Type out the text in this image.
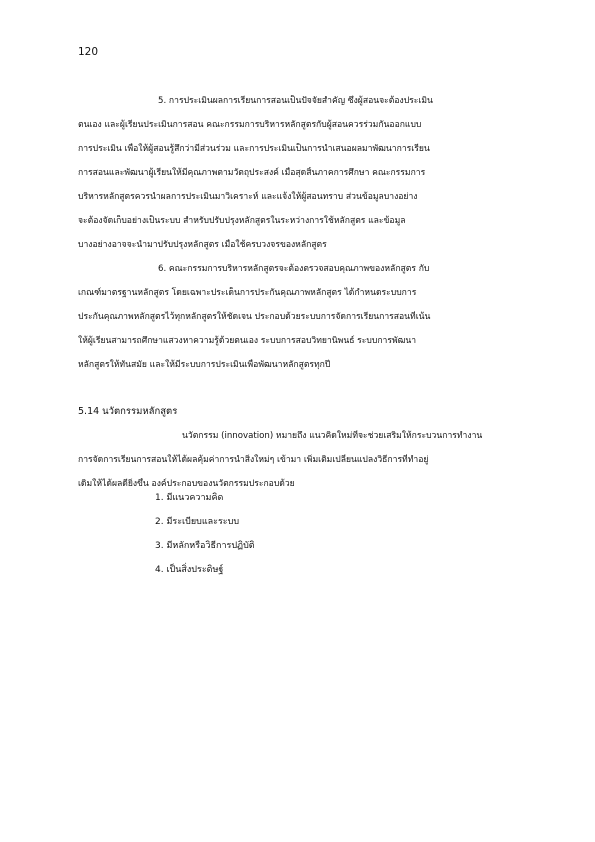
120
5. การประเมินผลการเรียนการสอนเป็นปัจจัยสำคัญ ซึ่งผู้สอนจะต้องประเมิน
ตนเอง และผู้เรียนประเมินการสอน คณะกรรมการบริหารหลักสูตรกับผู้สอนควรร่วมกันออกแบบ
การประเมิน เพื่อให้ผู้สอนรู้สึกว่ามีส่วนร่วม และการประเมินเป็นการนำเสนอผลมาพัฒนาการเรียน
การสอนและพัฒนาผู้เรียนให้มีคุณภาพตามวัตถุประสงค์ เมื่อสุดสิ้นภาคการศึกษา คณะกรรมการ
บริหารหลักสูตรควรนำผลการประเมินมาวิเคราะห์ และแจ้งให้ผู้สอนทราบ ส่วนข้อมูลบางอย่าง
จะต้องจัดเก็บอย่างเป็นระบบ สำหรับปรับปรุงหลักสูตรในระหว่างการใช้หลักสูตร และข้อมูล
บางอย่างอาจจะนำมาปรับปรุงหลักสูตร เมื่อใช้ครบวงจรของหลักสูตร
6. คณะกรรมการบริหารหลักสูตรจะต้องตรวจสอบคุณภาพของหลักสูตร กับ
เกณฑ์มาตรฐานหลักสูตร โดยเฉพาะประเด็นการประกันคุณภาพหลักสูตร ได้กำหนดระบบการ
ประกันคุณภาพหลักสูตรไว้ทุกหลักสูตรให้ชัดเจน ประกอบด้วยระบบการจัดการเรียนการสอนที่เน้น
ให้ผู้เรียนสามารถศึกษาแสวงหาความรู้ด้วยตนเอง ระบบการสอบวิทยานิพนธ์ ระบบการพัฒนา
หลักสูตรให้ทันสมัย และให้มีระบบการประเมินเพื่อพัฒนาหลักสูตรทุกปี
5.14 นวัตกรรมหลักสูตร
นวัตกรรม (innovation) หมายถึง แนวคิดใหม่ที่จะช่วยเสริมให้กระบวนการทำงาน
การจัดการเรียนการสอนให้ได้ผลคุ้มค่าการนำสิ่งใหม่ๆ เข้ามา เพิ่มเติมเปลี่ยนแปลงวิธีการที่ทำอยู่
เดิมให้ได้ผลดียิ่งขึ้น องค์ประกอบของนวัตกรรมประกอบด้วย
1. มีแนวความคิด
2. มีระเบียบและระบบ
3. มีหลักหรือวิธีการปฏิบัติ
4. เป็นสิ่งประดิษฐ์
